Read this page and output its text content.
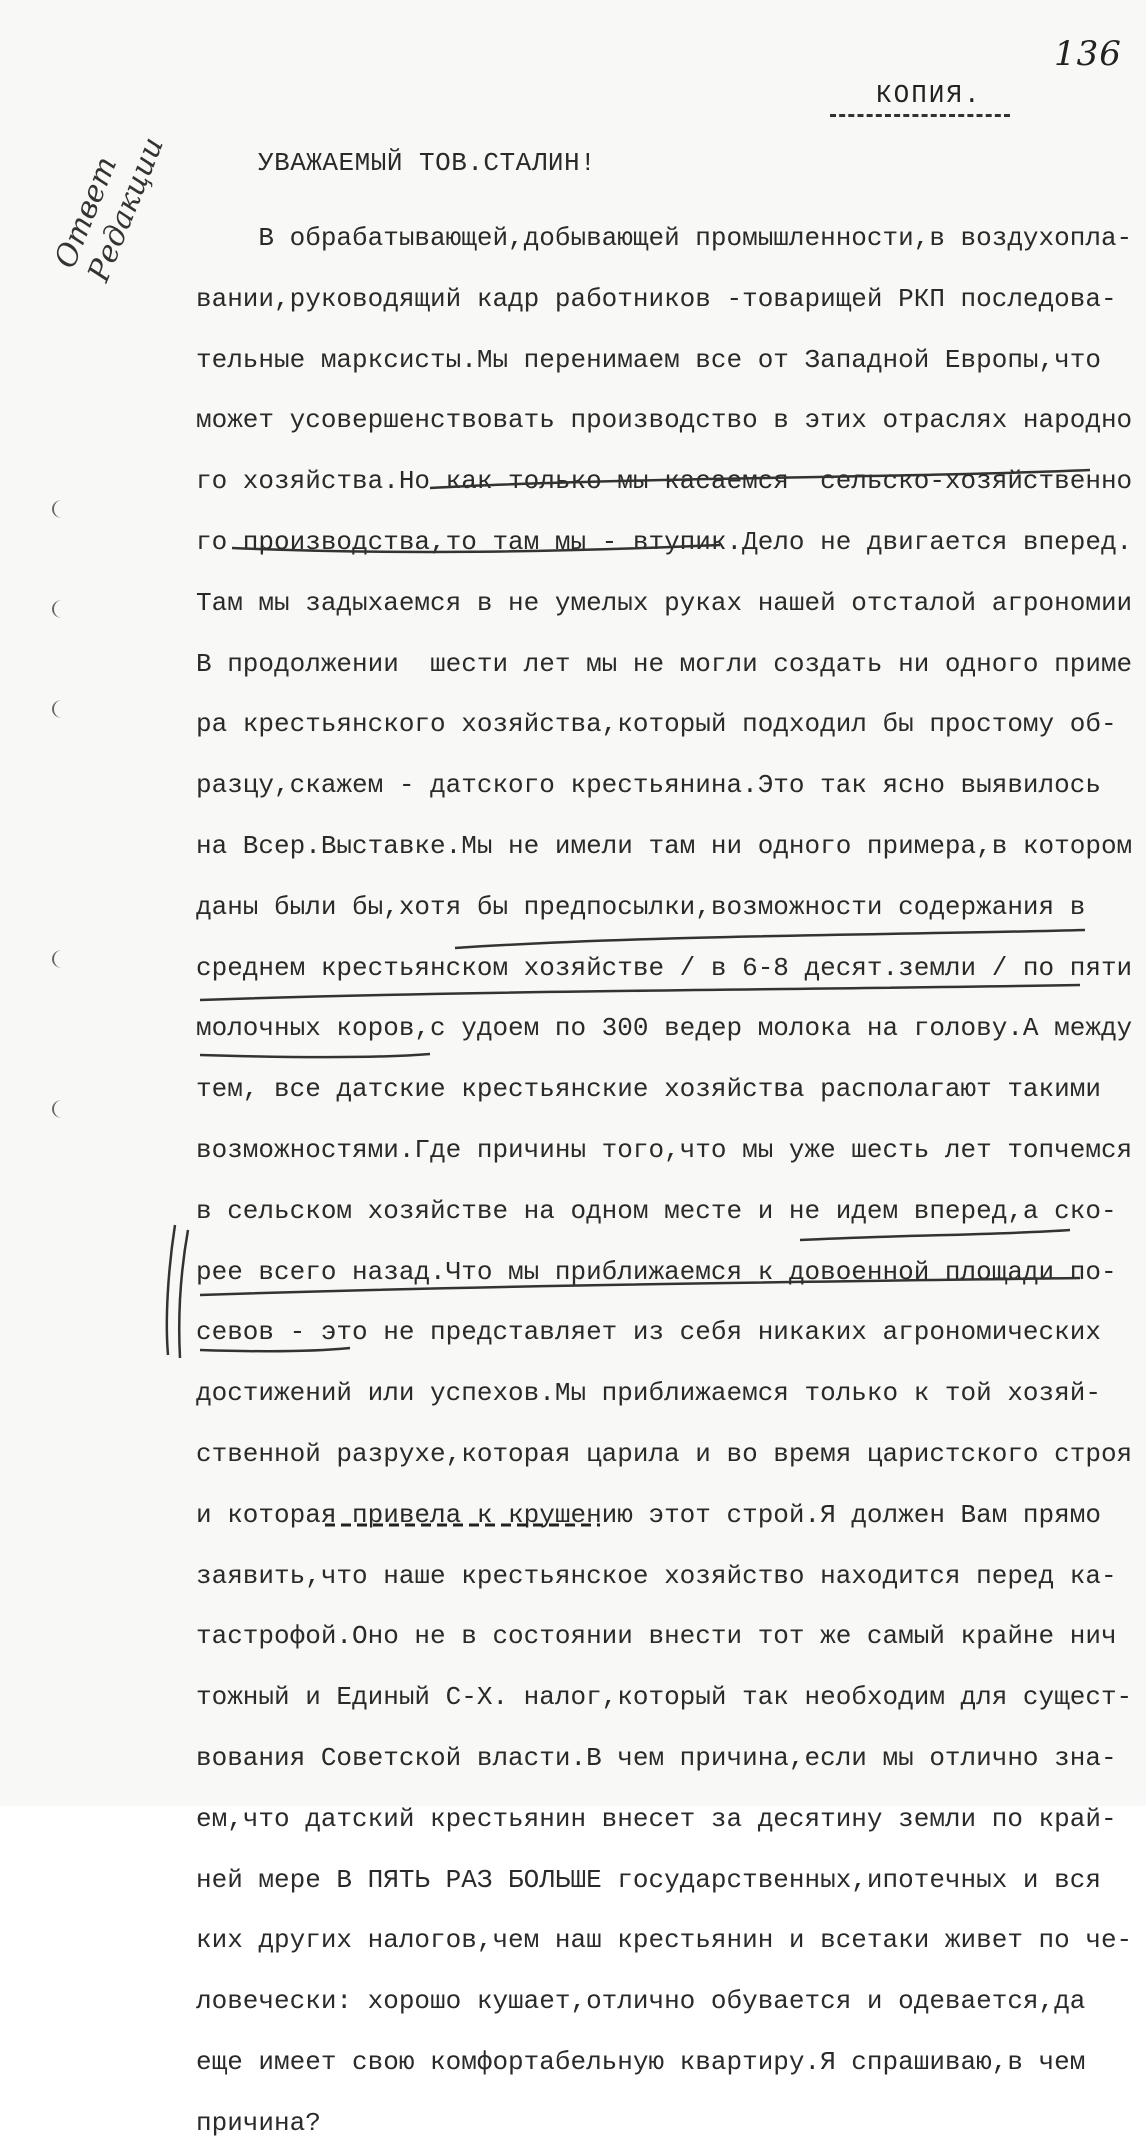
136
КОПИЯ.
УВАЖАЕМЫЙ ТОВ.СТАЛИН!
Ответ
Редакции В обрабатывающей,добывающей промышленности,в воздухопла-
вании,руководящий кадр работников -товарищей РКП последова-
тельные марксисты.Мы перенимаем все от Западной Европы,что
может усовершенствовать производство в этих отраслях народно
го хозяйства.Но как только мы касаемся  сельско-хозяйственно
го производства,то там мы - втупик.Дело не двигается вперед.
Там мы задыхаемся в не умелых руках нашей отсталой агрономии
В продолжении  шести лет мы не могли создать ни одного приме
ра крестьянского хозяйства,который подходил бы простому об-
разцу,скажем - датского крестьянина.Это так ясно выявилось
на Всер.Выставке.Мы не имели там ни одного примера,в котором
даны были бы,хотя бы предпосылки,возможности содержания в
среднем крестьянском хозяйстве / в 6-8 десят.земли / по пяти
молочных коров,с удоем по 300 ведер молока на голову.А между
тем, все датские крестьянские хозяйства располагают такими
возможностями.Где причины того,что мы уже шесть лет топчемся
в сельском хозяйстве на одном месте и не идем вперед,а ско-
рее всего назад.Что мы приближаемся к довоенной площади по-
севов - это не представляет из себя никаких агрономических
достижений или успехов.Мы приближаемся только к той хозяй-
ственной разрухе,которая царила и во время царистского строя
и которая привела к крушению этот строй.Я должен Вам прямо
заявить,что наше крестьянское хозяйство находится перед ка-
тастрофой.Оно не в состоянии внести тот же самый крайне нич
тожный и Единый С-Х. налог,который так необходим для сущест-
вования Советской власти.В чем причина,если мы отлично зна-
ем,что датский крестьянин внесет за десятину земли по край-
ней мере В ПЯТЬ РАЗ БОЛЬШЕ государственных,ипотечных и вся
ких других налогов,чем наш крестьянин и всетаки живет по че-
ловечески: хорошо кушает,отлично обувается и одевается,да
еще имеет свою комфортабельную квартиру.Я спрашиваю,в чем
причина?
